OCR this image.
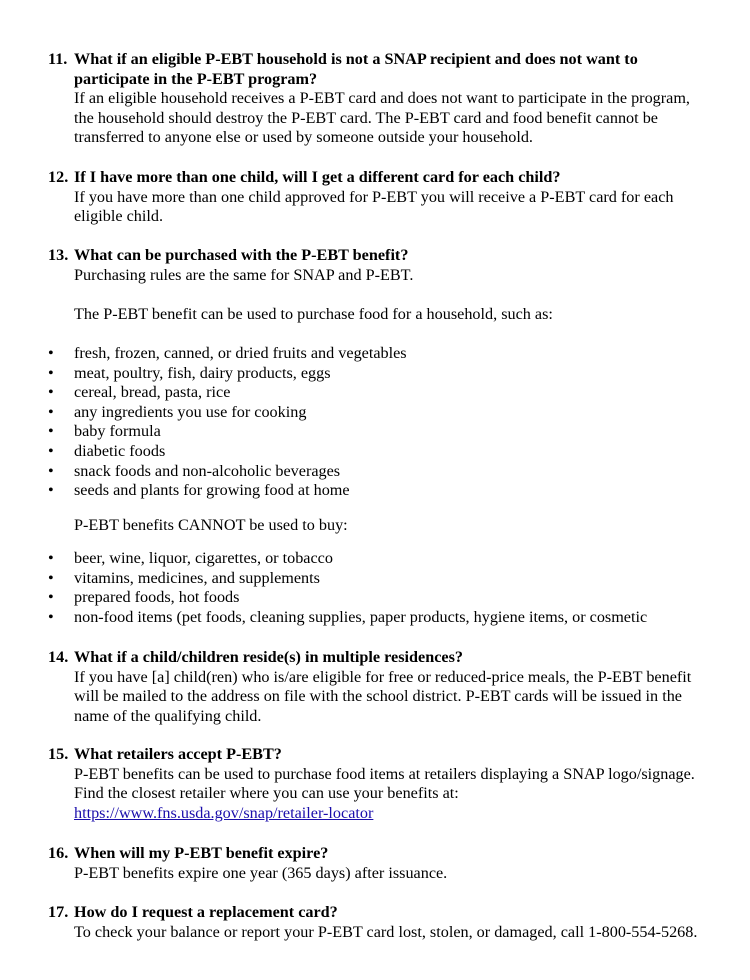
11. What if an eligible P-EBT household is not a SNAP recipient and does not want to participate in the P-EBT program?
If an eligible household receives a P-EBT card and does not want to participate in the program, the household should destroy the P-EBT card. The P-EBT card and food benefit cannot be transferred to anyone else or used by someone outside your household.
12. If I have more than one child, will I get a different card for each child?
If you have more than one child approved for P-EBT you will receive a P-EBT card for each eligible child.
13. What can be purchased with the P-EBT benefit?
Purchasing rules are the same for SNAP and P-EBT.
The P-EBT benefit can be used to purchase food for a household, such as:
• fresh, frozen, canned, or dried fruits and vegetables
• meat, poultry, fish, dairy products, eggs
• cereal, bread, pasta, rice
• any ingredients you use for cooking
• baby formula
• diabetic foods
• snack foods and non-alcoholic beverages
• seeds and plants for growing food at home
P-EBT benefits CANNOT be used to buy:
• beer, wine, liquor, cigarettes, or tobacco
• vitamins, medicines, and supplements
• prepared foods, hot foods
• non-food items (pet foods, cleaning supplies, paper products, hygiene items, or cosmetic
14. What if a child/children reside(s) in multiple residences?
If you have [a] child(ren) who is/are eligible for free or reduced-price meals, the P-EBT benefit will be mailed to the address on file with the school district. P-EBT cards will be issued in the name of the qualifying child.
15. What retailers accept P-EBT?
P-EBT benefits can be used to purchase food items at retailers displaying a SNAP logo/signage. Find the closest retailer where you can use your benefits at:
https://www.fns.usda.gov/snap/retailer-locator
16. When will my P-EBT benefit expire?
P-EBT benefits expire one year (365 days) after issuance.
17. How do I request a replacement card?
To check your balance or report your P-EBT card lost, stolen, or damaged, call 1-800-554-5268.
